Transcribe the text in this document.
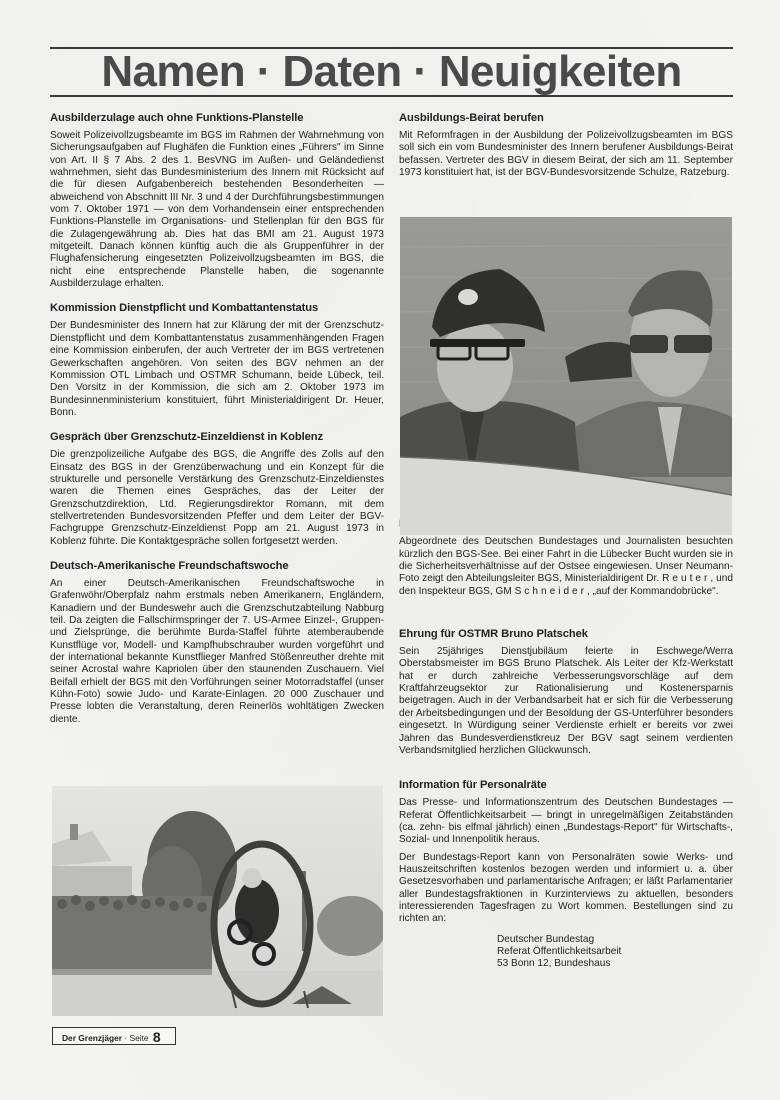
Namen · Daten · Neuigkeiten
Ausbilderzulage auch ohne Funktions-Planstelle

Soweit Polizeivollzugsbeamte im BGS im Rahmen der Wahrnehmung von Sicherungsaufgaben auf Flughäfen die Funktion eines „Führers" im Sinne von Art. II § 7 Abs. 2 des 1. BesVNG im Außen- und Geländedienst wahrnehmen, sieht das Bundesministerium des Innern mit Rücksicht auf die für diesen Aufgabenbereich bestehenden Besonderheiten — abweichend von Abschnitt III Nr. 3 und 4 der Durchführungsbestimmungen vom 7. Oktober 1971 — von dem Vorhandensein einer entsprechenden Funktions-Planstelle im Organisations- und Stellenplan für den BGS für die Zulagengewährung ab. Dies hat das BMI am 21. August 1973 mitgeteilt. Danach können künftig auch die als Gruppenführer in der Flughafensicherung eingesetzten Polizeivollzugsbeamten im BGS, die nicht eine entsprechende Planstelle haben, die sogenannte Ausbilderzulage erhalten.

Kommission Dienstpflicht und Kombattantenstatus

Der Bundesminister des Innern hat zur Klärung der mit der Grenzschutz-Dienstpflicht und dem Kombattantenstatus zusammenhängenden Fragen eine Kommission einberufen, der auch Vertreter der im BGS vertretenen Gewerkschaften angehören. Von seiten des BGV nehmen an der Kommission OTL Limbach und OSTMR Schumann, beide Lübeck, teil. Den Vorsitz in der Kommission, die sich am 2. Oktober 1973 im Bundesinnenministerium konstituiert, führt Ministerialdirigent Dr. Heuer, Bonn.

Gespräch über Grenzschutz-Einzeldienst in Koblenz

Die grenzpolizeiliche Aufgabe des BGS, die Angriffe des Zolls auf den Einsatz des BGS in der Grenzüberwachung und ein Konzept für die strukturelle und personelle Verstärkung des Grenzschutz-Einzeldienstes waren die Themen eines Gespräches, das der Leiter der Grenzschutzdirektion, Ltd. Regierungsdirektor Romann, mit dem stellvertretenden Bundesvorsitzenden Pfeffer und dem Leiter der BGV-Fachgruppe Grenzschutz-Einzeldienst Popp am 21. August 1973 in Koblenz führte. Die Kontaktgespräche sollen fortgesetzt werden.

Deutsch-Amerikanische Freundschaftswoche

An einer Deutsch-Amerikanischen Freundschaftswoche in Grafenwöhr/Oberpfalz nahm erstmals neben Amerikanern, Engländern, Kanadiern und der Bundeswehr auch die Grenzschutzabteilung Nabburg teil. Da zeigten die Fallschirmspringer der 7. US-Armee Einzel-, Gruppen- und Zielsprünge, die berühmte Burda-Staffel führte atemberaubende Kunstflüge vor, Modell- und Kampfhubschrauber wurden vorgeführt und der international bekannte Kunstflieger Manfred Stößenreuther drehte mit seiner Acrostal wahre Kapriolen über den staunenden Zuschauern. Viel Beifall erhielt der BGS mit den Vorführungen seiner Motorradstaffel (unser Kühn-Foto) sowie Judo- und Karate-Einlagen. 20 000 Zuschauer und Presse lobten die Veranstaltung, deren Reinerlös wohltätigen Zwecken diente.

Ausbildungs-Beirat berufen

Mit Reformfragen in der Ausbildung der Polizeivollzugsbeamten im BGS soll sich ein vom Bundesminister des Innern berufener Ausbildungs-Beirat befassen. Vertreter des BGV in diesem Beirat, der sich am 11. September 1973 konstituiert hat, ist der BGV-Bundesvorsitzende Schulze, Ratzeburg.

Abgeordnete des Deutschen Bundestages und Journalisten besuchten kürzlich den BGS-See. Bei einer Fahrt in die Lübecker Bucht wurden sie in die Sicherheitsverhältnisse auf der Ostsee eingewiesen. Unser Neumann-Foto zeigt den Abteilungsleiter BGS, Ministerialdirigent Dr. Reuter, und den Inspekteur BGS, GM Schneider, „auf der Kommandobrücke".

Ehrung für OSTMR Bruno Platschek

Sein 25jähriges Dienstjubiläum feierte in Eschwege/Werra Oberstabsmeister im BGS Bruno Platschek. Als Leiter der Kfz-Werkstatt hat er durch zahlreiche Verbesserungsvorschläge auf dem Kraftfahrzeugsektor zur Rationalisierung und Kostenersparnis beigetragen. Auch in der Verbandsarbeit hat er sich für die Verbesserung der Arbeitsbedingungen und der Besoldung der GS-Unterführer besonders eingesetzt. In Würdigung seiner Verdienste erhielt er bereits vor zwei Jahren das Bundesverdienstkreuz Der BGV sagt seinem verdienten Verbandsmitglied herzlichen Glückwunsch.

Information für Personalräte

Das Presse- und Informationszentrum des Deutschen Bundestages — Referat Öffentlichkeitsarbeit — bringt in unregelmäßigen Zeitabständen (ca. zehn- bis elfmal jährlich) einen „Bundestags-Report" für Wirtschafts-, Sozial- und Innenpolitik heraus.

Der Bundestags-Report kann von Personalräten sowie Werks- und Hauszeitschriften kostenlos bezogen werden und informiert u. a. über Gesetzesvorhaben und parlamentarische Anfragen; er läßt Parlamentarier aller Bundestagsfraktionen in Kurzinterviews zu aktuellen, besonders interessierenden Tagesfragen zu Wort kommen. Bestellungen sind zu richten an:

Deutscher Bundestag
Referat Öffentlichkeitsarbeit
53 Bonn 12, Bundeshaus
Der Grenzjäger · Seite 8
